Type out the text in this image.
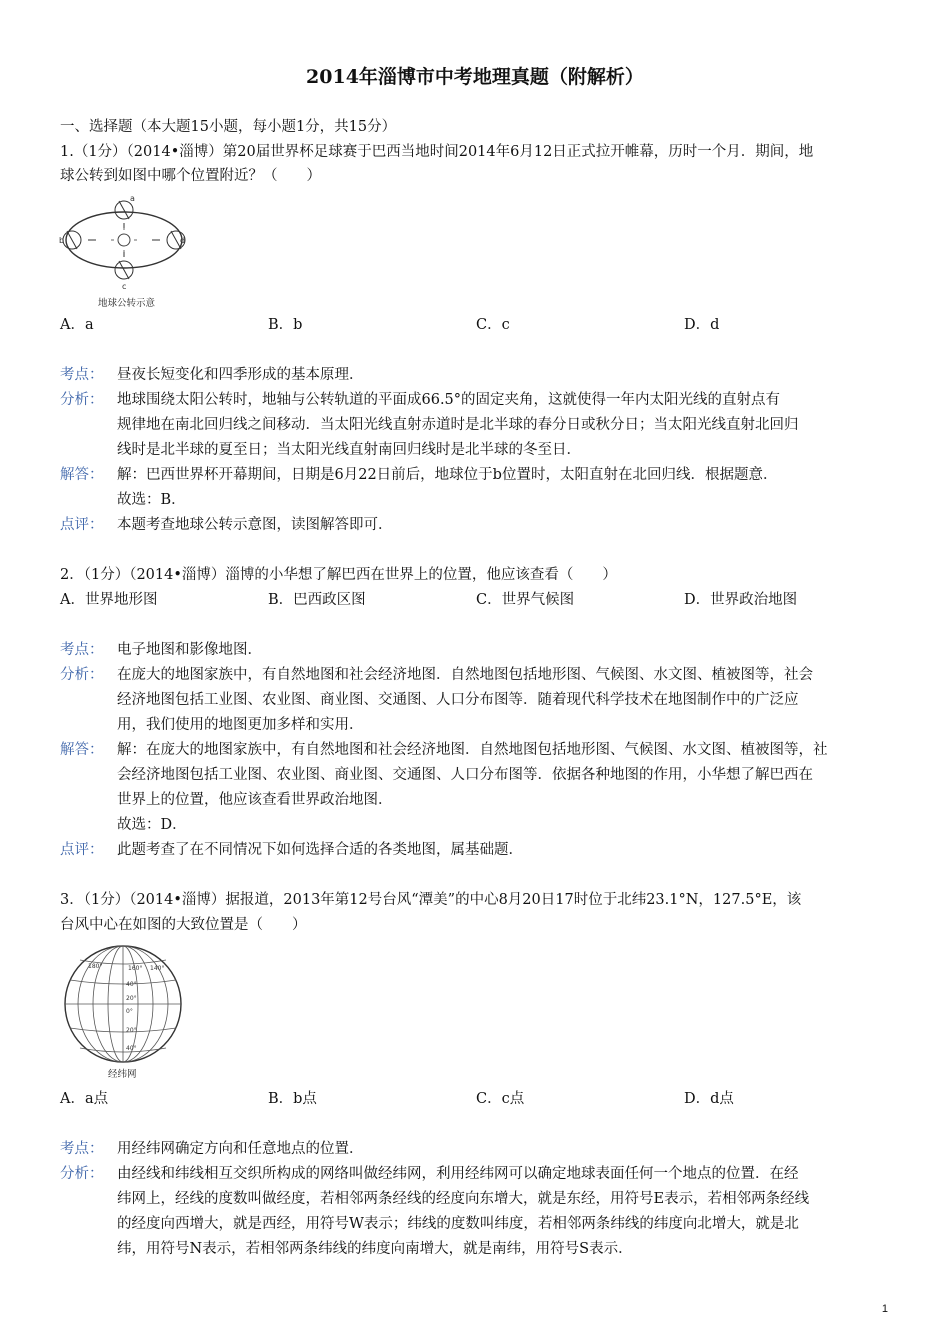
2014年淄博市中考地理真题（附解析）
一、选择题（本大题15小题，每小题1分，共15分）
1.（1分）（2014•淄博）第20届世界杯足球赛于巴西当地时间2014年6月12日正式拉开帷幕，历时一个月．期间，地
球公转到如图中哪个位置附近？（　　）
a
b
c
d
地球公转示意
A．a	B．b	C．c	D．d
考点： 昼夜长短变化和四季形成的基本原理．
分析： 地球围绕太阳公转时，地轴与公转轨道的平面成66.5°的固定夹角，这就使得一年内太阳光线的直射点有
规律地在南北回归线之间移动．当太阳光线直射赤道时是北半球的春分日或秋分日；当太阳光线直射北回归
线时是北半球的夏至日；当太阳光线直射南回归线时是北半球的冬至日．
解答： 解：巴西世界杯开幕期间，日期是6月22日前后，地球位于b位置时，太阳直射在北回归线．根据题意．
故选：B．
点评： 本题考查地球公转示意图，读图解答即可．
2．（1分）（2014•淄博）淄博的小华想了解巴西在世界上的位置，他应该查看（　　）
A．世界地形图	B．巴西政区图	C．世界气候图	D．世界政治地图
考点： 电子地图和影像地图．
分析： 在庞大的地图家族中，有自然地图和社会经济地图．自然地图包括地形图、气候图、水文图、植被图等，社会
经济地图包括工业图、农业图、商业图、交通图、人口分布图等．随着现代科学技术在地图制作中的广泛应
用，我们使用的地图更加多样和实用．
解答： 解：在庞大的地图家族中，有自然地图和社会经济地图．自然地图包括地形图、气候图、水文图、植被图等，社
会经济地图包括工业图、农业图、商业图、交通图、人口分布图等．依据各种地图的作用，小华想了解巴西在
世界上的位置，他应该查看世界政治地图．
故选：D．
点评： 此题考查了在不同情况下如何选择合适的各类地图，属基础题．
3．（1分）（2014•淄博）据报道，2013年第12号台风“潭美”的中心8月20日17时位于北纬23.1°N，127.5°E，该
台风中心在如图的大致位置是（　　）
180°	160° 140°
40°
20°
0°
20°
40°
经纬网
A．a点	B．b点	C．c点	D．d点
考点： 用经纬网确定方向和任意地点的位置．
分析： 由经线和纬线相互交织所构成的网络叫做经纬网，利用经纬网可以确定地球表面任何一个地点的位置．在经
纬网上，经线的度数叫做经度，若相邻两条经线的经度向东增大，就是东经，用符号E表示，若相邻两条经线
的经度向西增大，就是西经，用符号W表示；纬线的度数叫纬度，若相邻两条纬线的纬度向北增大，就是北
纬，用符号N表示，若相邻两条纬线的纬度向南增大，就是南纬，用符号S表示．
1
